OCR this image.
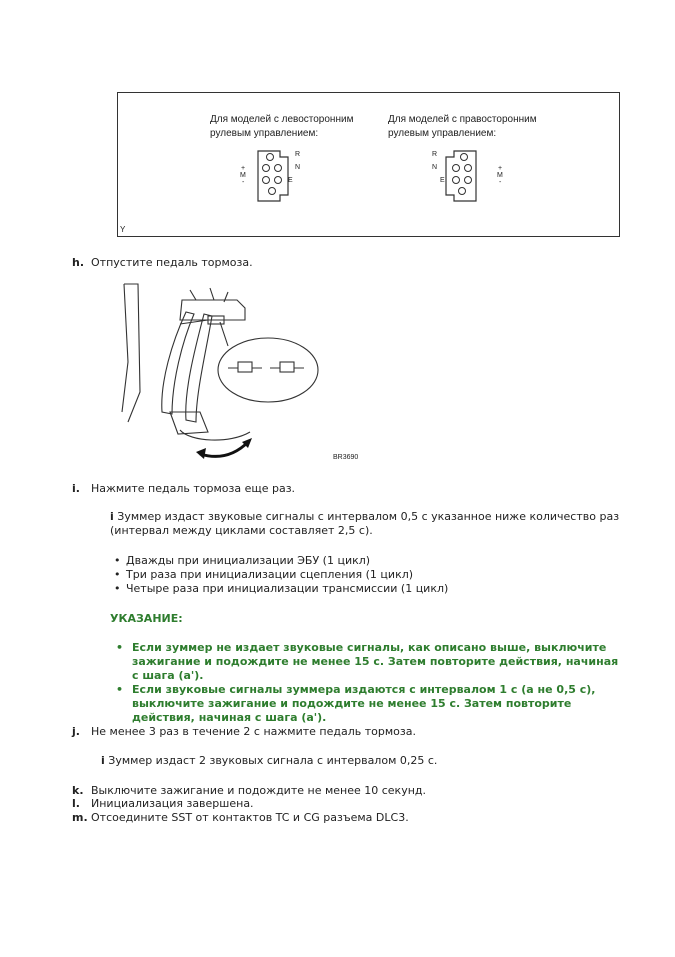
Для моделей с левосторонним
рулевым управлением:
Для моделей с правосторонним
рулевым управлением:
R
N
E
+
M
-
R
N
E
+
M
-
Y
h. Отпустите педаль тормоза.
BR3690
i. Нажмите педаль тормоза еще раз.
i Зуммер издаст звуковые сигналы с интервалом 0,5 с указанное ниже количество раз
(интервал между циклами составляет 2,5 с).
• Дважды при инициализации ЭБУ (1 цикл)
• Три раза при инициализации сцепления (1 цикл)
• Четыре раза при инициализации трансмиссии (1 цикл)
УКАЗАНИЕ:
• Если зуммер не издает звуковые сигналы, как описано выше, выключите
зажигание и подождите не менее 15 с. Затем повторите действия, начиная
с шага (a').
• Если звуковые сигналы зуммера издаются с интервалом 1 с (а не 0,5 с),
выключите зажигание и подождите не менее 15 с. Затем повторите
действия, начиная с шага (a').
j. Не менее 3 раз в течение 2 с нажмите педаль тормоза.
i Зуммер издаст 2 звуковых сигнала с интервалом 0,25 с.
k. Выключите зажигание и подождите не менее 10 секунд.
l. Инициализация завершена.
m. Отсоедините SST от контактов TC и CG разъема DLC3.
